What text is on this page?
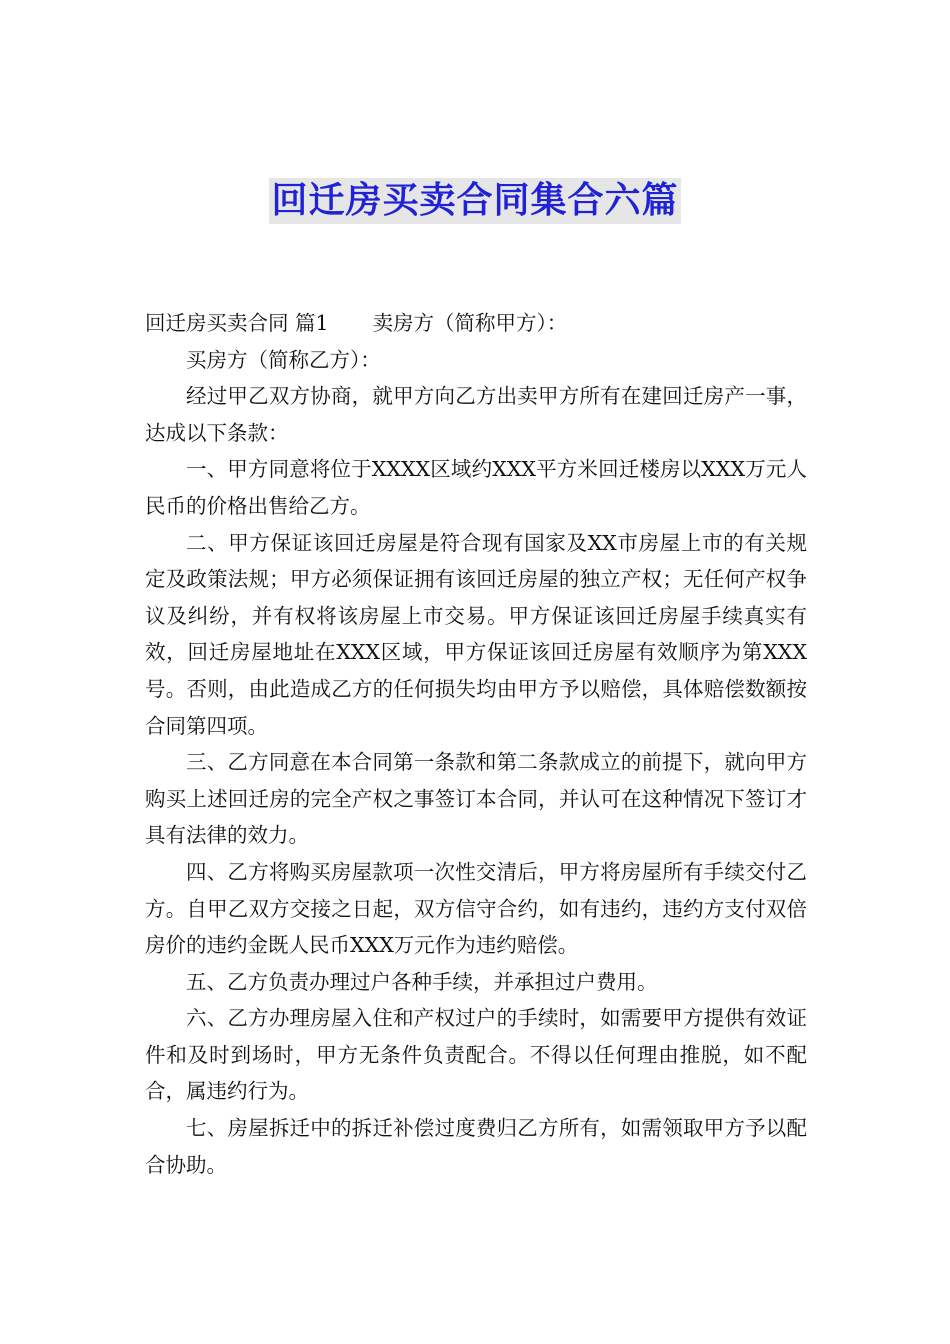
回迁房买卖合同集合六篇

回迁房买卖合同 篇1 卖房方（简称甲方）：

买房方（简称乙方）：

经过甲乙双方协商，就甲方向乙方出卖甲方所有在建回迁房产一事，达成以下条款：

一、甲方同意将位于XXXX区域约XXX平方米回迁楼房以XXX万元人民币的价格出售给乙方。

二、甲方保证该回迁房屋是符合现有国家及XX市房屋上市的有关规定及政策法规；甲方必须保证拥有该回迁房屋的独立产权；无任何产权争议及纠纷，并有权将该房屋上市交易。甲方保证该回迁房屋手续真实有效，回迁房屋地址在XXX区域，甲方保证该回迁房屋有效顺序为第XXX号。否则，由此造成乙方的任何损失均由甲方予以赔偿，具体赔偿数额按合同第四项。

三、乙方同意在本合同第一条款和第二条款成立的前提下，就向甲方购买上述回迁房的完全产权之事签订本合同，并认可在这种情况下签订才具有法律的效力。

四、乙方将购买房屋款项一次性交清后，甲方将房屋所有手续交付乙方。自甲乙双方交接之日起，双方信守合约，如有违约，违约方支付双倍房价的违约金既人民币XXX万元作为违约赔偿。

五、乙方负责办理过户各种手续，并承担过户费用。

六、乙方办理房屋入住和产权过户的手续时，如需要甲方提供有效证件和及时到场时，甲方无条件负责配合。不得以任何理由推脱，如不配合，属违约行为。

七、房屋拆迁中的拆迁补偿过度费归乙方所有，如需领取甲方予以配合协助。
